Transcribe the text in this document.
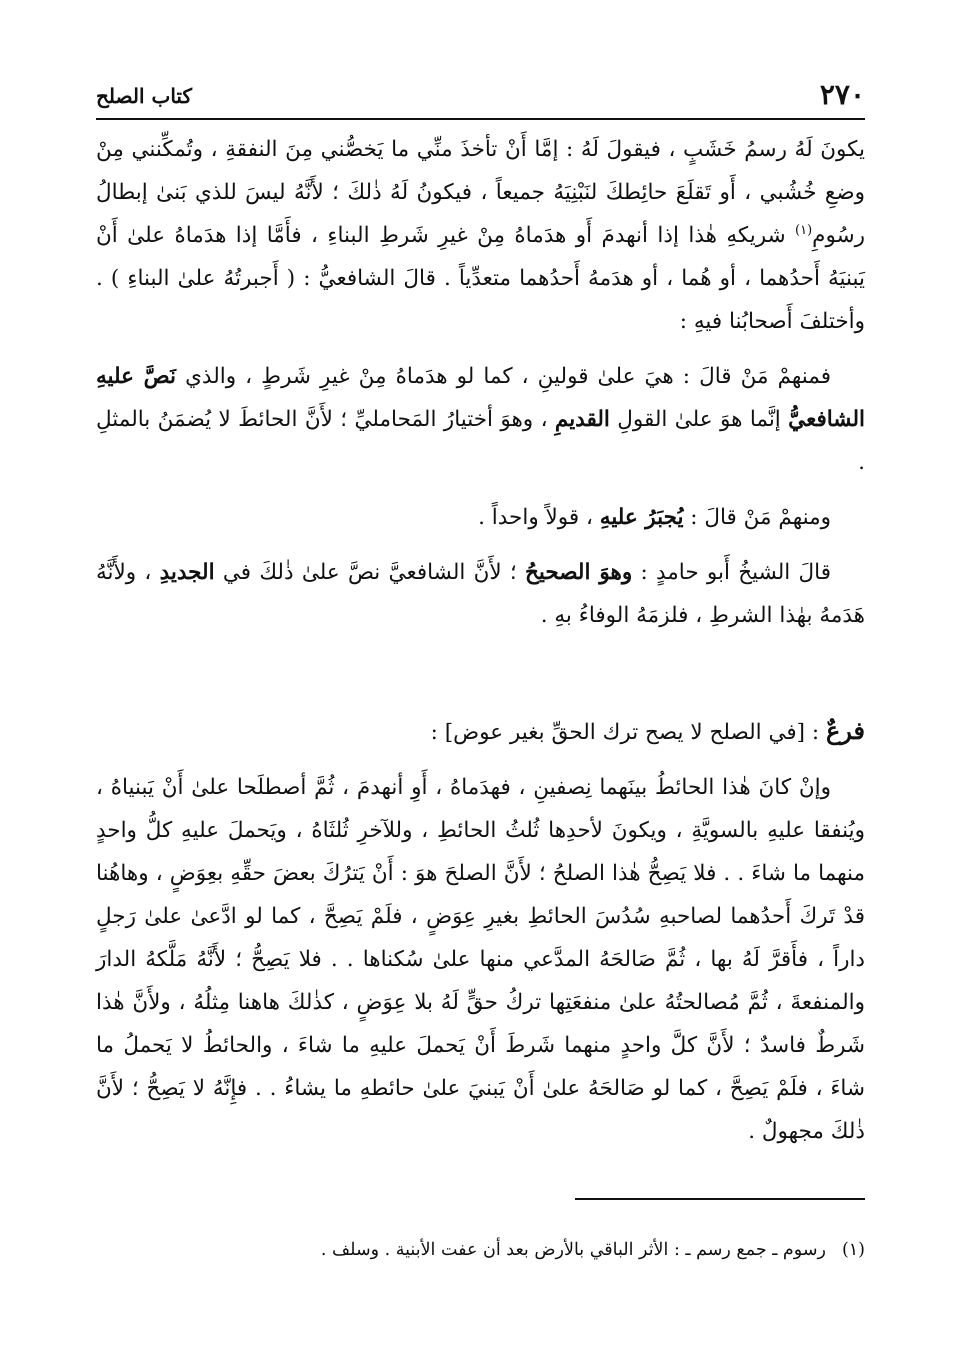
٢٧٠
كتاب الصلح

يكونَ لَهُ رسمُ خَشَبٍ ، فيقولَ لَهُ : إمَّا أَنْ تأخذَ منِّي ما يَخصُّني مِنَ النفقةِ ، وتُمكِّنني مِنْ وضعِ خُشُبي ، أَو تَقلَعَ حائِطكَ لنَبْنِيَهُ جميعاً ، فيكونُ لَهُ ذٰلكَ ؛ لأَنَّهُ ليسَ للذي بَنىٰ إبطالُ رسُومِ$^{(١)}$ شريكهِ هٰذا إذا أنهدمَ أَو هدَماهُ مِنْ غيرِ شَرطِ البناءِ ، فأَمَّا إذا هدَماهُ علىٰ أَنْ يَبنيَهُ أَحدُهما ، أو هُما ، أو هدَمهُ أَحدُهما متعدِّياً . قالَ الشافعيُّ : ( أَجبرتُهُ علىٰ البناءِ ) . وأختلفَ أَصحابُنا فيهِ :

فمنهمْ مَنْ قالَ : هيَ علىٰ قولينِ ، كما لو هدَماهُ مِنْ غيرِ شَرطٍ ، والذي نَصَّ عليهِ الشافعيُّ إنَّما هوَ علىٰ القولِ القديمِ ، وهوَ أختيارُ المَحامليِّ ؛ لأَنَّ الحائطَ لا يُضمَنُ بالمثلِ .

ومنهمْ مَنْ قالَ : يُجبَرُ عليهِ ، قولاً واحداً .

قالَ الشيخُ أَبو حامدٍ : وهوَ الصحيحُ ؛ لأَنَّ الشافعيَّ نصَّ علىٰ ذٰلكَ في الجديدِ ، ولأَنَّهُ هَدَمهُ بهٰذا الشرطِ ، فلزمَهُ الوفاءُ بهِ .

فرعٌ : [في الصلح لا يصح ترك الحقِّ بغير عوض] :

وإنْ كانَ هٰذا الحائطُ بينَهما نِصفينِ ، فهدَماهُ ، أَوِ أنهدمَ ، ثُمَّ أصطلَحا علىٰ أَنْ يَبنياهُ ، ويُنفقا عليهِ بالسويَّةِ ، ويكونَ لأحدِها ثُلثُ الحائطِ ، وللآخرِ ثُلثَاهُ ، ويَحملَ عليهِ كلُّ واحدٍ منهما ما شاءَ . . فلا يَصِحُّ هٰذا الصلحُ ؛ لأَنَّ الصلحَ هوَ : أَنْ يَترُكَ بعضَ حقِّهِ بعِوَضٍ ، وهاهُنا قدْ تَركَ أَحدُهما لصاحبهِ سُدُسَ الحائطِ بغيرِ عِوَضٍ ، فلَمْ يَصِحَّ ، كما لو ادَّعىٰ علىٰ رَجلٍ داراً ، فأَقرَّ لَهُ بها ، ثُمَّ صَالحَهُ المدَّعي منها علىٰ سُكناها . . فلا يَصِحُّ ؛ لأَنَّهُ مَلَّكهُ الدارَ والمنفعةَ ، ثُمَّ مُصالحتُهُ علىٰ منفعَتِها تركُ حقٍّ لَهُ بلا عِوَضٍ ، كذٰلكَ هاهنا مِثلُهُ ، ولأَنَّ هٰذا شَرطٌ فاسدٌ ؛ لأَنَّ كلَّ واحدٍ منهما شَرطَ أَنْ يَحملَ عليهِ ما شاءَ ، والحائطُ لا يَحملُ ما شاءَ ، فلَمْ يَصِحَّ ، كما لو صَالحَهُ علىٰ أَنْ يَبنيَ علىٰ حائطهِ ما يشاءُ . . فإِنَّهُ لا يَصِحُّ ؛ لأَنَّ ذٰلكَ مجهولٌ .

(١)رسوم ـ جمع رسم ـ : الأثر الباقي بالأرض بعد أن عفت الأبنية . وسلف .
